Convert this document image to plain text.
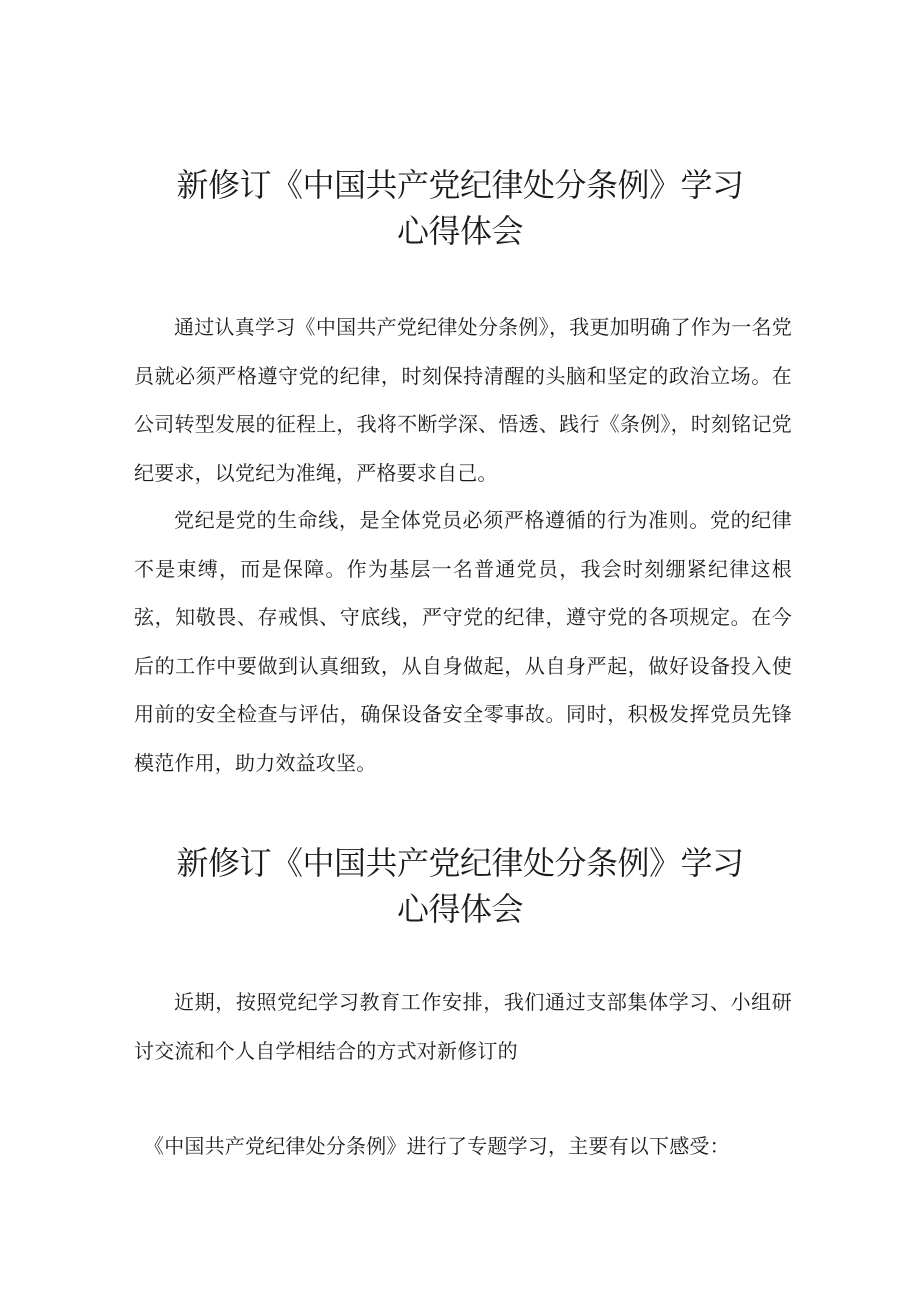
新修订《中国共产党纪律处分条例》学习
心得体会

通过认真学习《中国共产党纪律处分条例》，我更加明确了作为一名党员就必须严格遵守党的纪律，时刻保持清醒的头脑和坚定的政治立场。在公司转型发展的征程上，我将不断学深、悟透、践行《条例》，时刻铭记党纪要求，以党纪为准绳，严格要求自己。

党纪是党的生命线，是全体党员必须严格遵循的行为准则。党的纪律不是束缚，而是保障。作为基层一名普通党员，我会时刻绷紧纪律这根弦，知敬畏、存戒惧、守底线，严守党的纪律，遵守党的各项规定。在今后的工作中要做到认真细致，从自身做起，从自身严起，做好设备投入使用前的安全检查与评估，确保设备安全零事故。同时，积极发挥党员先锋模范作用，助力效益攻坚。

新修订《中国共产党纪律处分条例》学习
心得体会

近期，按照党纪学习教育工作安排，我们通过支部集体学习、小组研讨交流和个人自学相结合的方式对新修订的

《中国共产党纪律处分条例》进行了专题学习，主要有以下感受：
